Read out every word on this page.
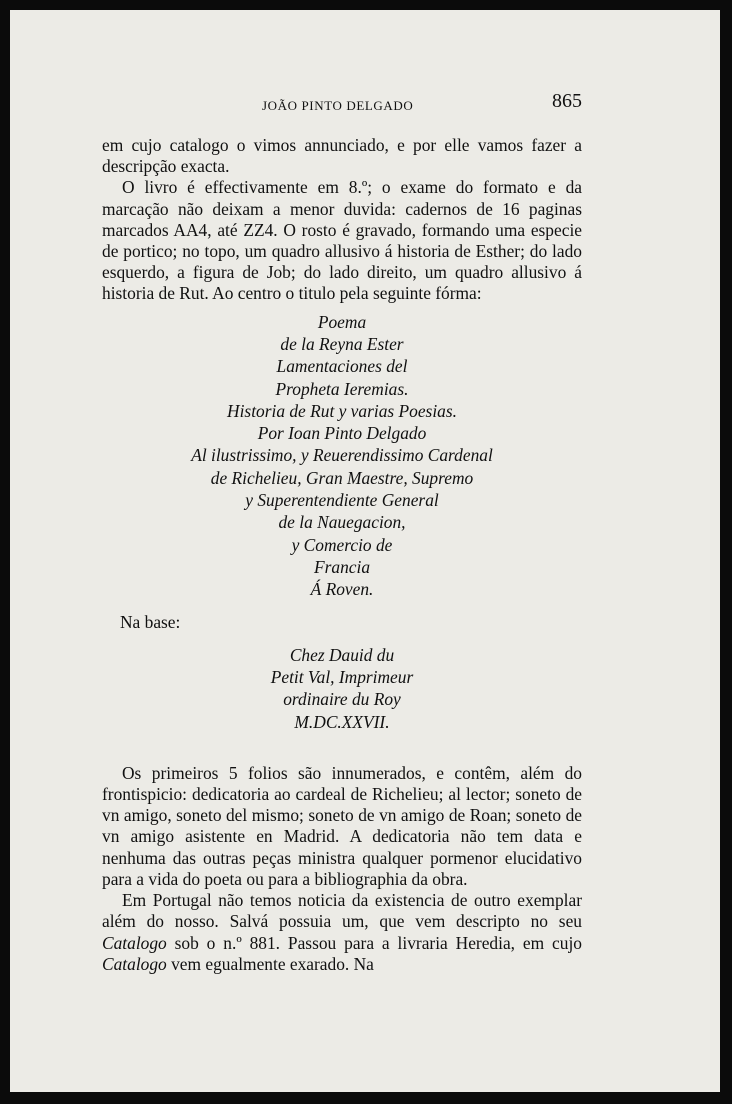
JOÃO PINTO DELGADO	865

em cujo catalogo o vimos annunciado, e por elle vamos fazer a descripção exacta.

O livro é effectivamente em 8.º; o exame do formato e da marcação não deixam a menor duvida: cadernos de 16 paginas marcados AA4, até ZZ4. O rosto é gravado, formando uma especie de portico; no topo, um quadro allusivo á historia de Esther; do lado esquerdo, a figura de Job; do lado direito, um quadro allusivo á historia de Rut. Ao centro o titulo pela seguinte fórma:

Poema
de la Reyna Ester
Lamentaciones del
Propheta Ieremias.
Historia de Rut y varias Poesias.
Por Ioan Pinto Delgado
Al ilustrissimo, y Reuerendissimo Cardenal
de Richelieu, Gran Maestre, Supremo
y Superentendiente General
de la Nauegacion,
y Comercio de
Francia
Á Roven.

Na base:

Chez Dauid du
Petit Val, Imprimeur
ordinaire du Roy
M.DC.XXVII.

Os primeiros 5 folios são innumerados, e contêm, além do frontispicio: dedicatoria ao cardeal de Richelieu; al lector; soneto de vn amigo, soneto del mismo; soneto de vn amigo de Roan; soneto de vn amigo asistente en Madrid. A dedicatoria não tem data e nenhuma das outras peças ministra qualquer pormenor elucidativo para a vida do poeta ou para a bibliographia da obra.

Em Portugal não temos noticia da existencia de outro exemplar além do nosso. Salvá possuia um, que vem descripto no seu Catalogo sob o n.º 881. Passou para a livraria Heredia, em cujo Catalogo vem egualmente exarado. Na
